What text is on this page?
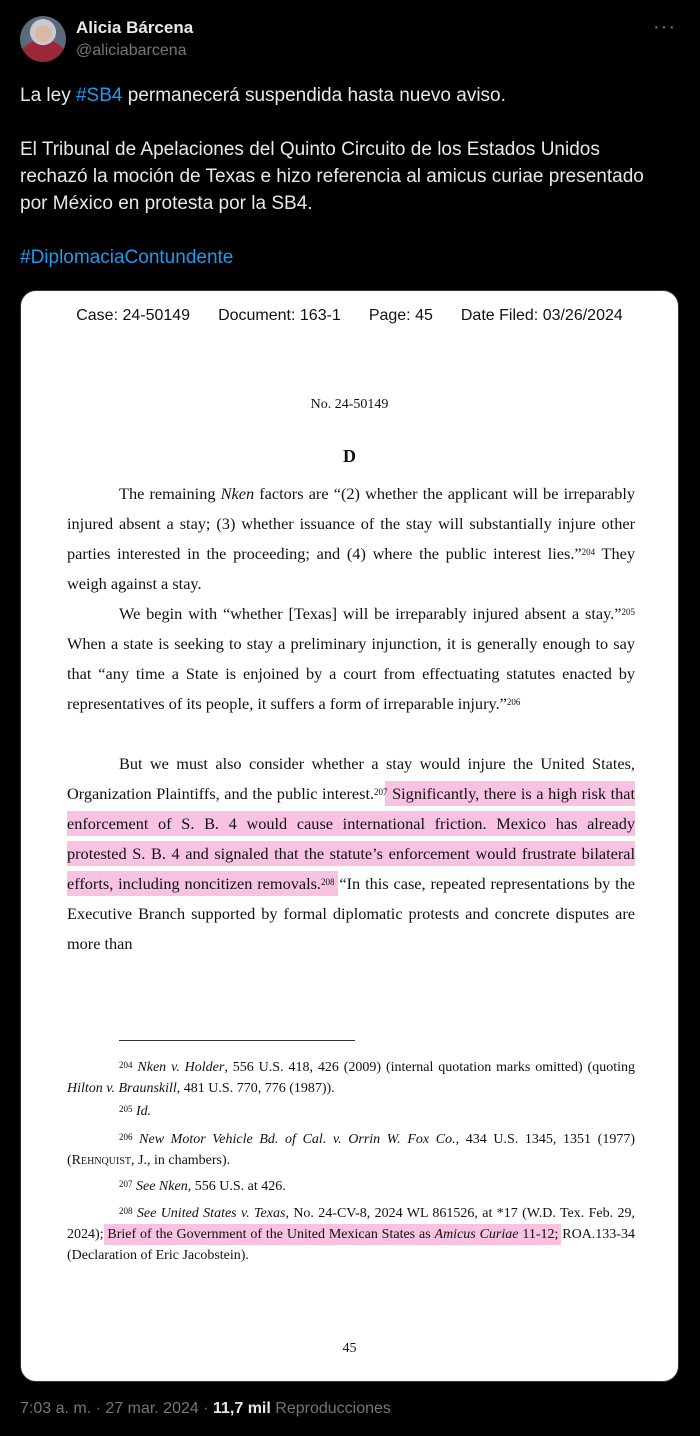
Alicia Bárcena
@aliciabarcena
···
La ley #SB4 permanecerá suspendida hasta nuevo aviso.

El Tribunal de Apelaciones del Quinto Circuito de los Estados Unidos rechazó la moción de Texas e hizo referencia al amicus curiae presentado por México en protesta por la SB4.

#DiplomaciaContundente
Case: 24-50149 Document: 163-1 Page: 45 Date Filed: 03/26/2024
No. 24-50149
D
The remaining Nken factors are “(2) whether the applicant will be irreparably injured absent a stay; (3) whether issuance of the stay will substantially injure other parties interested in the proceeding; and (4) where the public interest lies.”$^{204}$ They weigh against a stay.
We begin with “whether [Texas] will be irreparably injured absent a stay.”$^{205}$ When a state is seeking to stay a preliminary injunction, it is generally enough to say that “any time a State is enjoined by a court from effectuating statutes enacted by representatives of its people, it suffers a form of irreparable injury.”$^{206}$
But we must also consider whether a stay would injure the United States, Organization Plaintiffs, and the public interest.$^{207}$ Significantly, there is a high risk that enforcement of S. B. 4 would cause international friction. Mexico has already protested S. B. 4 and signaled that the statute’s enforcement would frustrate bilateral efforts, including noncitizen removals.$^{208}$ “In this case, repeated representations by the Executive Branch supported by formal diplomatic protests and concrete disputes are more than
$^{204}$ Nken v. Holder, 556 U.S. 418, 426 (2009) (internal quotation marks omitted) (quoting Hilton v. Braunskill, 481 U.S. 770, 776 (1987)).
$^{205}$ Id.
$^{206}$ New Motor Vehicle Bd. of Cal. v. Orrin W. Fox Co., 434 U.S. 1345, 1351 (1977) (Rehnquist, J., in chambers).
$^{207}$ See Nken, 556 U.S. at 426.
$^{208}$ See United States v. Texas, No. 24-CV-8, 2024 WL 861526, at *17 (W.D. Tex. Feb. 29, 2024); Brief of the Government of the United Mexican States as Amicus Curiae 11-12; ROA.133-34 (Declaration of Eric Jacobstein).
45
7:03 a. m. · 27 mar. 2024 · 11,7 mil Reproducciones
